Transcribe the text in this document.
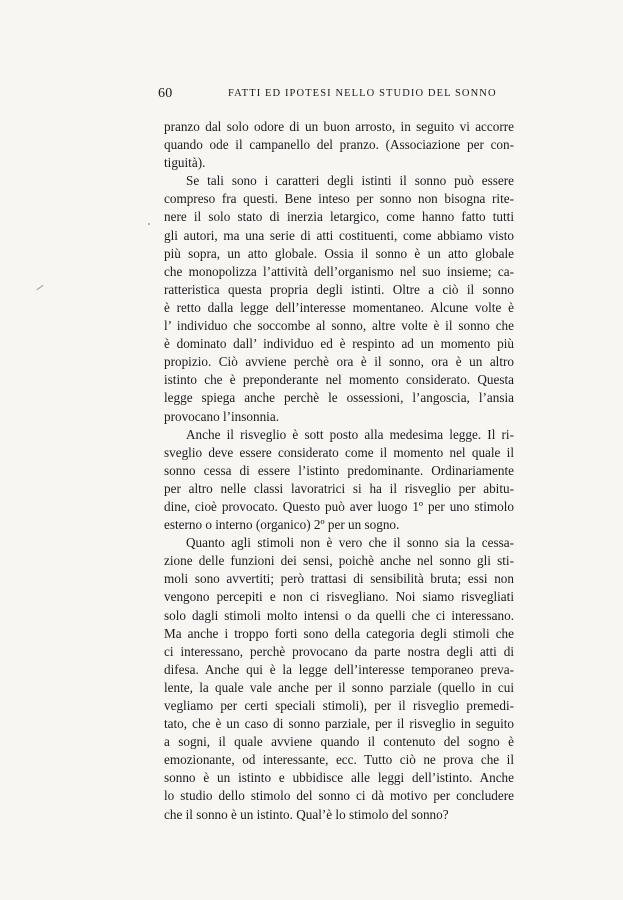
60	FATTI ED IPOTESI NELLO STUDIO DEL SONNO
pranzo dal solo odore di un buon arrosto, in seguito vi accorre
quando ode il campanello del pranzo. (Associazione per con-
tiguità).
Se tali sono i caratteri degli istinti il sonno può essere
compreso fra questi. Bene inteso per sonno non bisogna rite-
nere il solo stato di inerzia letargico, come hanno fatto tutti
gli autori, ma una serie di atti costituenti, come abbiamo visto
più sopra, un atto globale. Ossia il sonno è un atto globale
che monopolizza l’attività dell’organismo nel suo insieme; ca-
ratteristica questa propria degli istinti. Oltre a ciò il sonno
è retto dalla legge dell’interesse momentaneo. Alcune volte è
l’ individuo che soccombe al sonno, altre volte è il sonno che
è dominato dall’ individuo ed è respinto ad un momento più
propizio. Ciò avviene perchè ora è il sonno, ora è un altro
istinto che è preponderante nel momento considerato. Questa
legge spiega anche perchè le ossessioni, l’angoscia, l’ansia
provocano l’insonnia.
Anche il risveglio è sott posto alla medesima legge. Il ri-
sveglio deve essere considerato come il momento nel quale il
sonno cessa di essere l’istinto predominante. Ordinariamente
per altro nelle classi lavoratrici si ha il risveglio per abitu-
dine, cioè provocato. Questo può aver luogo 1º per uno stimolo
esterno o interno (organico) 2º per un sogno.
Quanto agli stimoli non è vero che il sonno sia la cessa-
zione delle funzioni dei sensi, poichè anche nel sonno gli sti-
moli sono avvertiti; però trattasi di sensibilità bruta; essi non
vengono percepiti e non ci risvegliano. Noi siamo risvegliati
solo dagli stimoli molto intensi o da quelli che ci interessano.
Ma anche i troppo forti sono della categoria degli stimoli che
ci interessano, perchè provocano da parte nostra degli atti di
difesa. Anche qui è la legge dell’interesse temporaneo preva-
lente, la quale vale anche per il sonno parziale (quello in cui
vegliamo per certi speciali stimoli), per il risveglio premedi-
tato, che è un caso di sonno parziale, per il risveglio in seguito
a sogni, il quale avviene quando il contenuto del sogno è
emozionante, od interessante, ecc. Tutto ciò ne prova che il
sonno è un istinto e ubbidisce alle leggi dell’istinto. Anche
lo studio dello stimolo del sonno ci dà motivo per concludere
che il sonno è un istinto. Qual’è lo stimolo del sonno?
